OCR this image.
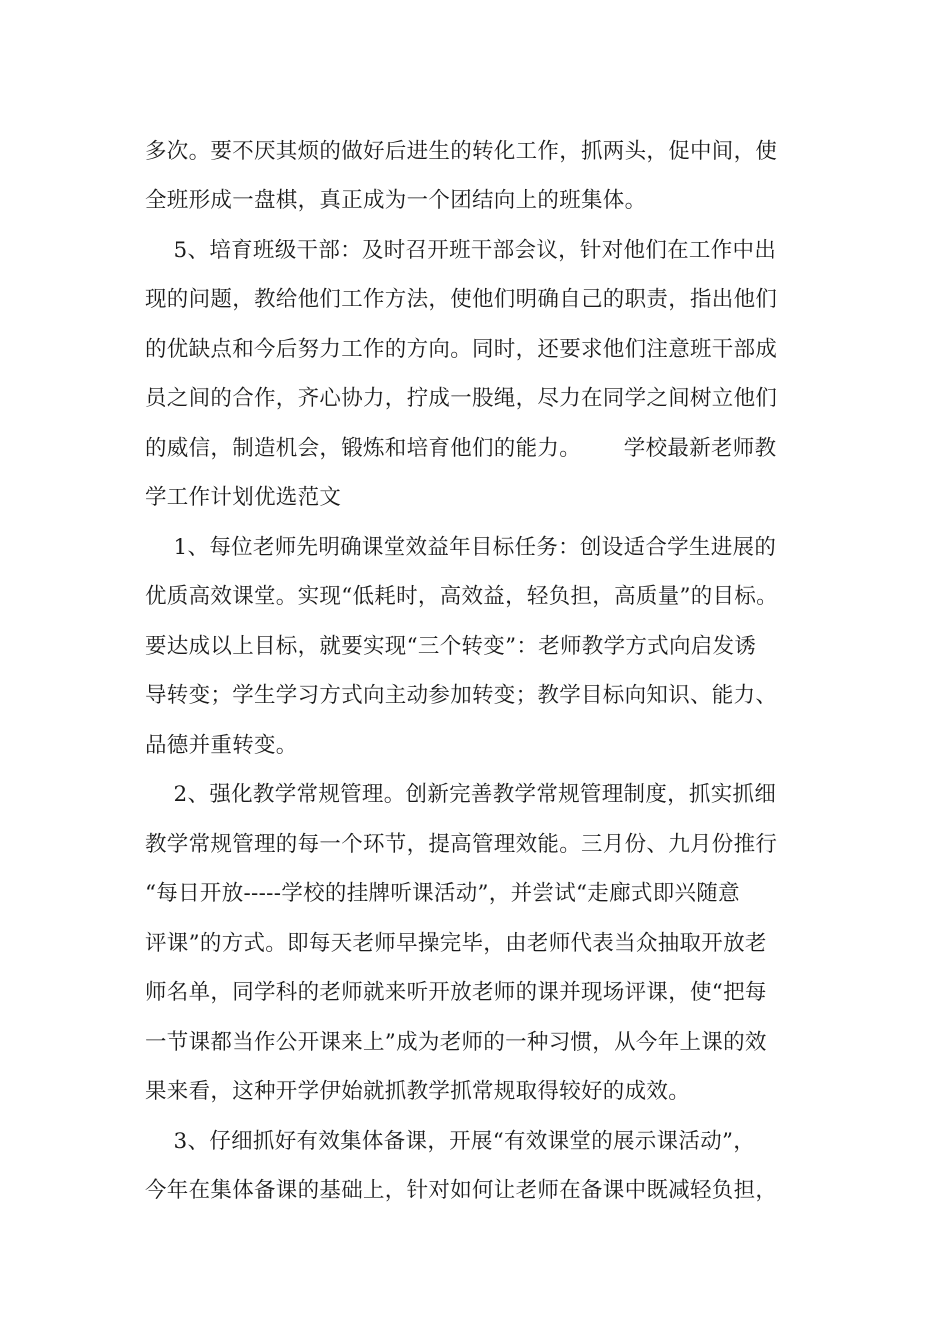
多次。要不厌其烦的做好后进生的转化工作，抓两头，促中间，使
全班形成一盘棋，真正成为一个团结向上的班集体。
5、培育班级干部：及时召开班干部会议，针对他们在工作中出
现的问题，教给他们工作方法，使他们明确自己的职责，指出他们
的优缺点和今后努力工作的方向。同时，还要求他们注意班干部成
员之间的合作，齐心协力，拧成一股绳，尽力在同学之间树立他们
的威信，制造机会，锻炼和培育他们的能力。      学校最新老师教
学工作计划优选范文
1、每位老师先明确课堂效益年目标任务：创设适合学生进展的
优质高效课堂。实现“低耗时，高效益，轻负担，高质量”的目标。
要达成以上目标，就要实现“三个转变”：老师教学方式向启发诱
导转变；学生学习方式向主动参加转变；教学目标向知识、能力、
品德并重转变。
2、强化教学常规管理。创新完善教学常规管理制度，抓实抓细
教学常规管理的每一个环节，提高管理效能。三月份、九月份推行
“每日开放-----学校的挂牌听课活动”，并尝试“走廊式即兴随意
评课”的方式。即每天老师早操完毕，由老师代表当众抽取开放老
师名单，同学科的老师就来听开放老师的课并现场评课，使“把每
一节课都当作公开课来上”成为老师的一种习惯，从今年上课的效
果来看，这种开学伊始就抓教学抓常规取得较好的成效。
3、仔细抓好有效集体备课，开展“有效课堂的展示课活动”，
今年在集体备课的基础上，针对如何让老师在备课中既减轻负担，
